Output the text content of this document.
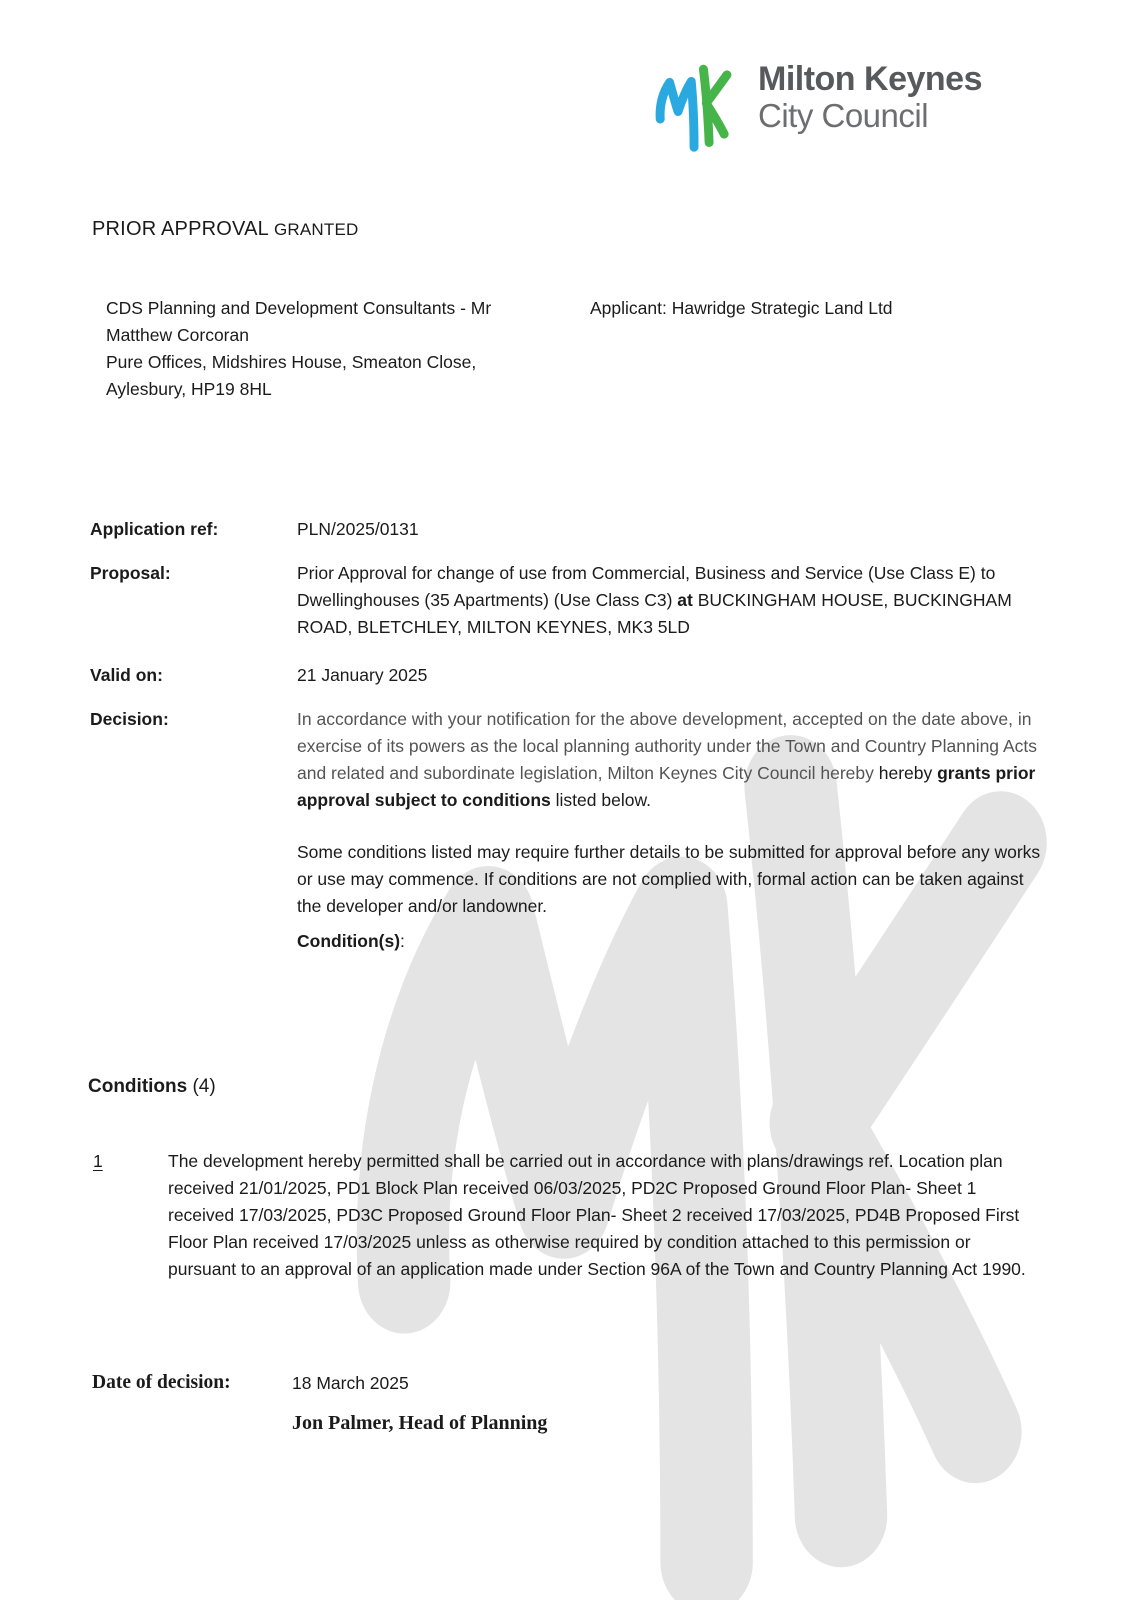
Milton Keynes
City Council
PRIOR APPROVAL GRANTED
CDS Planning and Development Consultants - Mr
Matthew Corcoran
Pure Offices, Midshires House, Smeaton Close,
Aylesbury, HP19 8HL
Applicant: Hawridge Strategic Land Ltd
Application ref:	PLN/2025/0131
Proposal:	Prior Approval for change of use from Commercial, Business and Service (Use Class E) to Dwellinghouses (35 Apartments) (Use Class C3) at BUCKINGHAM HOUSE, BUCKINGHAM ROAD, BLETCHLEY, MILTON KEYNES, MK3 5LD
Valid on:	21 January 2025
Decision:	In accordance with your notification for the above development, accepted on the date above, in exercise of its powers as the local planning authority under the Town and Country Planning Acts and related and subordinate legislation, Milton Keynes City Council hereby hereby grants prior approval subject to conditions listed below.
Some conditions listed may require further details to be submitted for approval before any works or use may commence. If conditions are not complied with, formal action can be taken against the developer and/or landowner.
Condition(s):
Conditions (4)
1	The development hereby permitted shall be carried out in accordance with plans/drawings ref. Location plan received 21/01/2025, PD1 Block Plan received 06/03/2025, PD2C Proposed Ground Floor Plan- Sheet 1 received 17/03/2025, PD3C Proposed Ground Floor Plan- Sheet 2 received 17/03/2025, PD4B Proposed First Floor Plan received 17/03/2025 unless as otherwise required by condition attached to this permission or pursuant to an approval of an application made under Section 96A of the Town and Country Planning Act 1990.
Date of decision:	18 March 2025
Jon Palmer, Head of Planning
